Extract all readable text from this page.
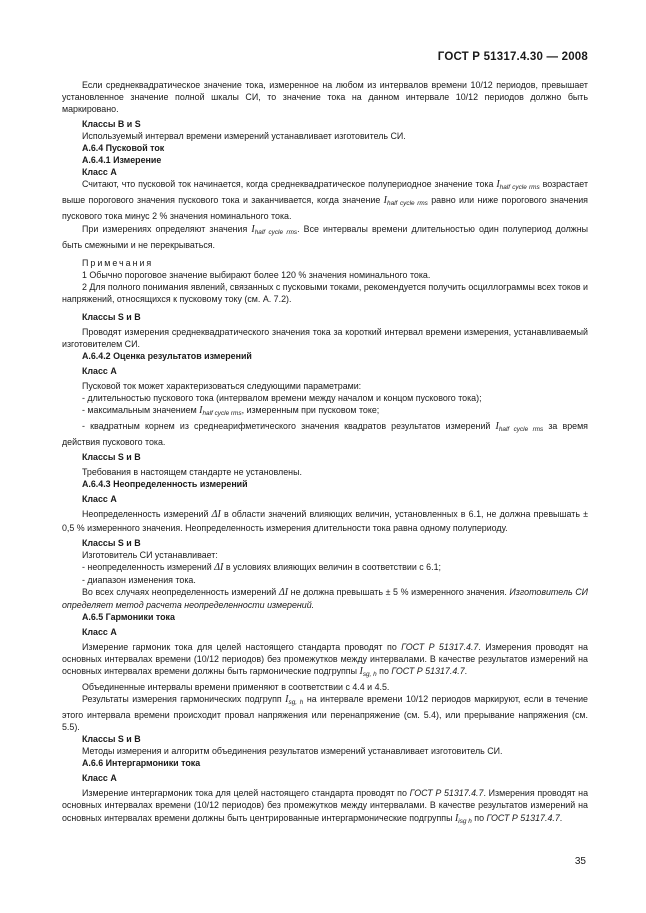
ГОСТ Р 51317.4.30 — 2008

Если среднеквадратическое значение тока, измеренное на любом из интервалов времени 10/12 периодов, превышает установленное значение полной шкалы СИ, то значение тока на данном интервале 10/12 периодов должно быть маркировано.

Классы В и S

Используемый интервал времени измерений устанавливает изготовитель СИ.

А.6.4 Пусковой ток

А.6.4.1 Измерение

Класс А

Считают, что пусковой ток начинается, когда среднеквадратическое полупериодное значение тока $I_{half cycle rms}$ возрастает выше порогового значения пускового тока и заканчивается, когда значение $I_{half cycle rms}$ равно или ниже порогового значения пускового тока минус 2 % значения номинального тока.

При измерениях определяют значения $I_{half cycle rms}$. Все интервалы времени длительностью один полупериод должны быть смежными и не перекрываться.

Примечания

1 Обычно пороговое значение выбирают более 120 % значения номинального тока.

2 Для полного понимания явлений, связанных с пусковыми токами, рекомендуется получить осциллограммы всех токов и напряжений, относящихся к пусковому току (см. А. 7.2).

Классы S и В

Проводят измерения среднеквадратического значения тока за короткий интервал времени измерения, устанавливаемый изготовителем СИ.

А.6.4.2 Оценка результатов измерений

Класс А

Пусковой ток может характеризоваться следующими параметрами:

- длительностью пускового тока (интервалом времени между началом и концом пускового тока);

- максимальным значением $I_{half cycle rms}$, измеренным при пусковом токе;

- квадратным корнем из среднеарифметического значения квадратов результатов измерений $I_{half cycle rms}$ за время действия пускового тока.

Классы S и В

Требования в настоящем стандарте не установлены.

А.6.4.3 Неопределенность измерений

Класс А

Неопределенность измерений ΔI в области значений влияющих величин, установленных в 6.1, не должна превышать ± 0,5 % измеренного значения. Неопределенность измерения длительности тока равна одному полупериоду.

Классы S и В

Изготовитель СИ устанавливает:

- неопределенность измерений ΔI в условиях влияющих величин в соответствии с 6.1;

- диапазон изменения тока.

Во всех случаях неопределенность измерений ΔI не должна превышать ± 5 % измеренного значения. Изготовитель СИ определяет метод расчета неопределенности измерений.

А.6.5 Гармоники тока

Класс А

Измерение гармоник тока для целей настоящего стандарта проводят по ГОСТ Р 51317.4.7. Измерения проводят на основных интервалах времени (10/12 периодов) без промежутков между интервалами. В качестве результатов измерений на основных интервалах времени должны быть гармонические подгруппы $I_{sg, h}$ по ГОСТ Р 51317.4.7.

Объединенные интервалы времени применяют в соответствии с 4.4 и 4.5.

Результаты измерения гармонических подгрупп $I_{sg, h}$ на интервале времени 10/12 периодов маркируют, если в течение этого интервала времени происходит провал напряжения или перенапряжение (см. 5.4), или прерывание напряжения (см. 5.5).

Классы S и В

Методы измерения и алгоритм объединения результатов измерений устанавливает изготовитель СИ.

А.6.6 Интергармоники тока

Класс А

Измерение интергармоник тока для целей настоящего стандарта проводят по ГОСТ Р 51317.4.7. Измерения проводят на основных интервалах времени (10/12 периодов) без промежутков между интервалами. В качестве результатов измерений на основных интервалах времени должны быть центрированные интергармонические подгруппы $I_{isg h}$ по ГОСТ Р 51317.4.7.

35
